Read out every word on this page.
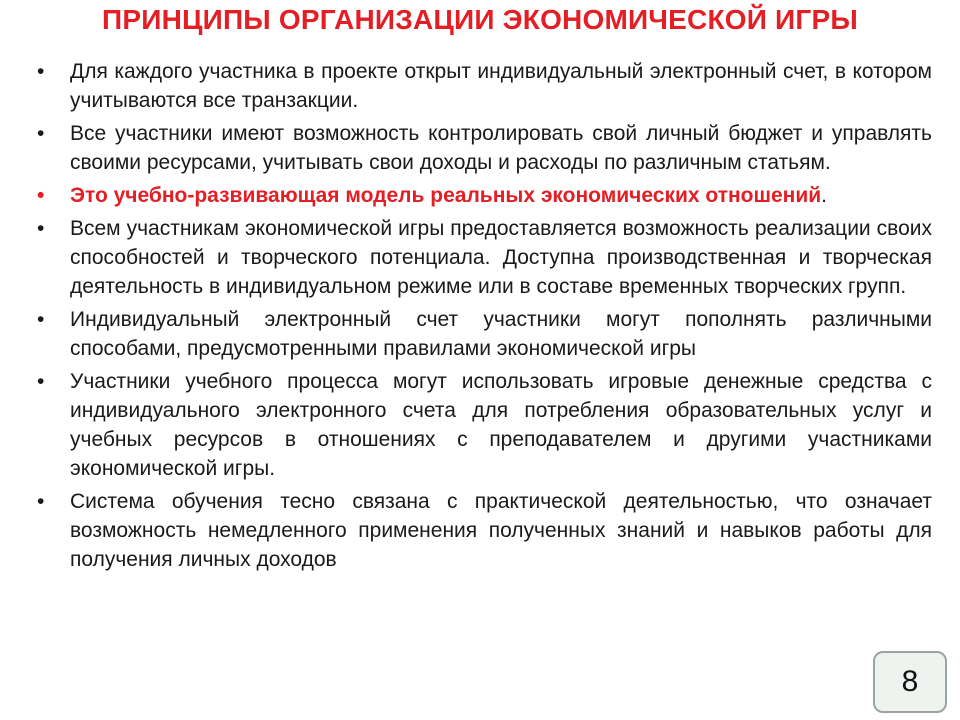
ПРИНЦИПЫ ОРГАНИЗАЦИИ ЭКОНОМИЧЕСКОЙ ИГРЫ
•	Для каждого участника в проекте открыт индивидуальный электронный счет, в котором учитываются все транзакции.
•	Все участники имеют возможность контролировать свой личный бюджет и управлять своими ресурсами, учитывать свои доходы и расходы по различным статьям.
•	Это учебно-развивающая модель реальных экономических отношений.
•	Всем участникам экономической игры предоставляется возможность реализации своих способностей и творческого потенциала. Доступна производственная и творческая деятельность в индивидуальном режиме или в составе временных творческих групп.
•	Индивидуальный электронный счет участники могут пополнять различными способами, предусмотренными правилами экономической игры
•	Участники учебного процесса могут использовать игровые денежные средства с индивидуального электронного счета для потребления образовательных услуг и учебных ресурсов в отношениях с преподавателем и другими участниками экономической игры.
•	Система обучения тесно связана с практической деятельностью, что означает возможность немедленного применения полученных знаний и навыков работы для получения личных доходов
8
